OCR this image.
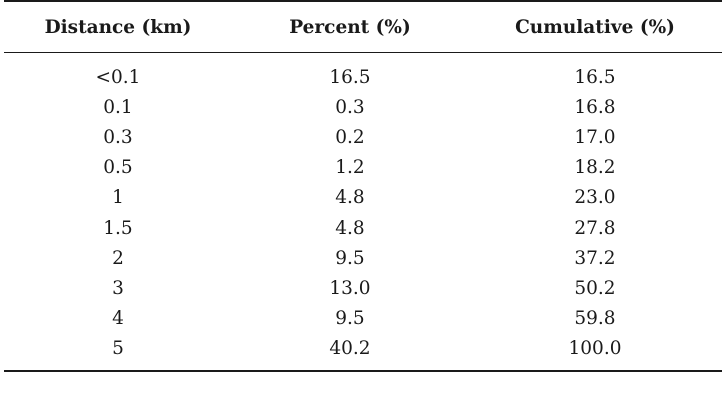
Distance (km)	Percent (%)	Cumulative (%)
<0.1	16.5	16.5
0.1	0.3	16.8
0.3	0.2	17.0
0.5	1.2	18.2
1	4.8	23.0
1.5	4.8	27.8
2	9.5	37.2
3	13.0	50.2
4	9.5	59.8
5	40.2	100.0
